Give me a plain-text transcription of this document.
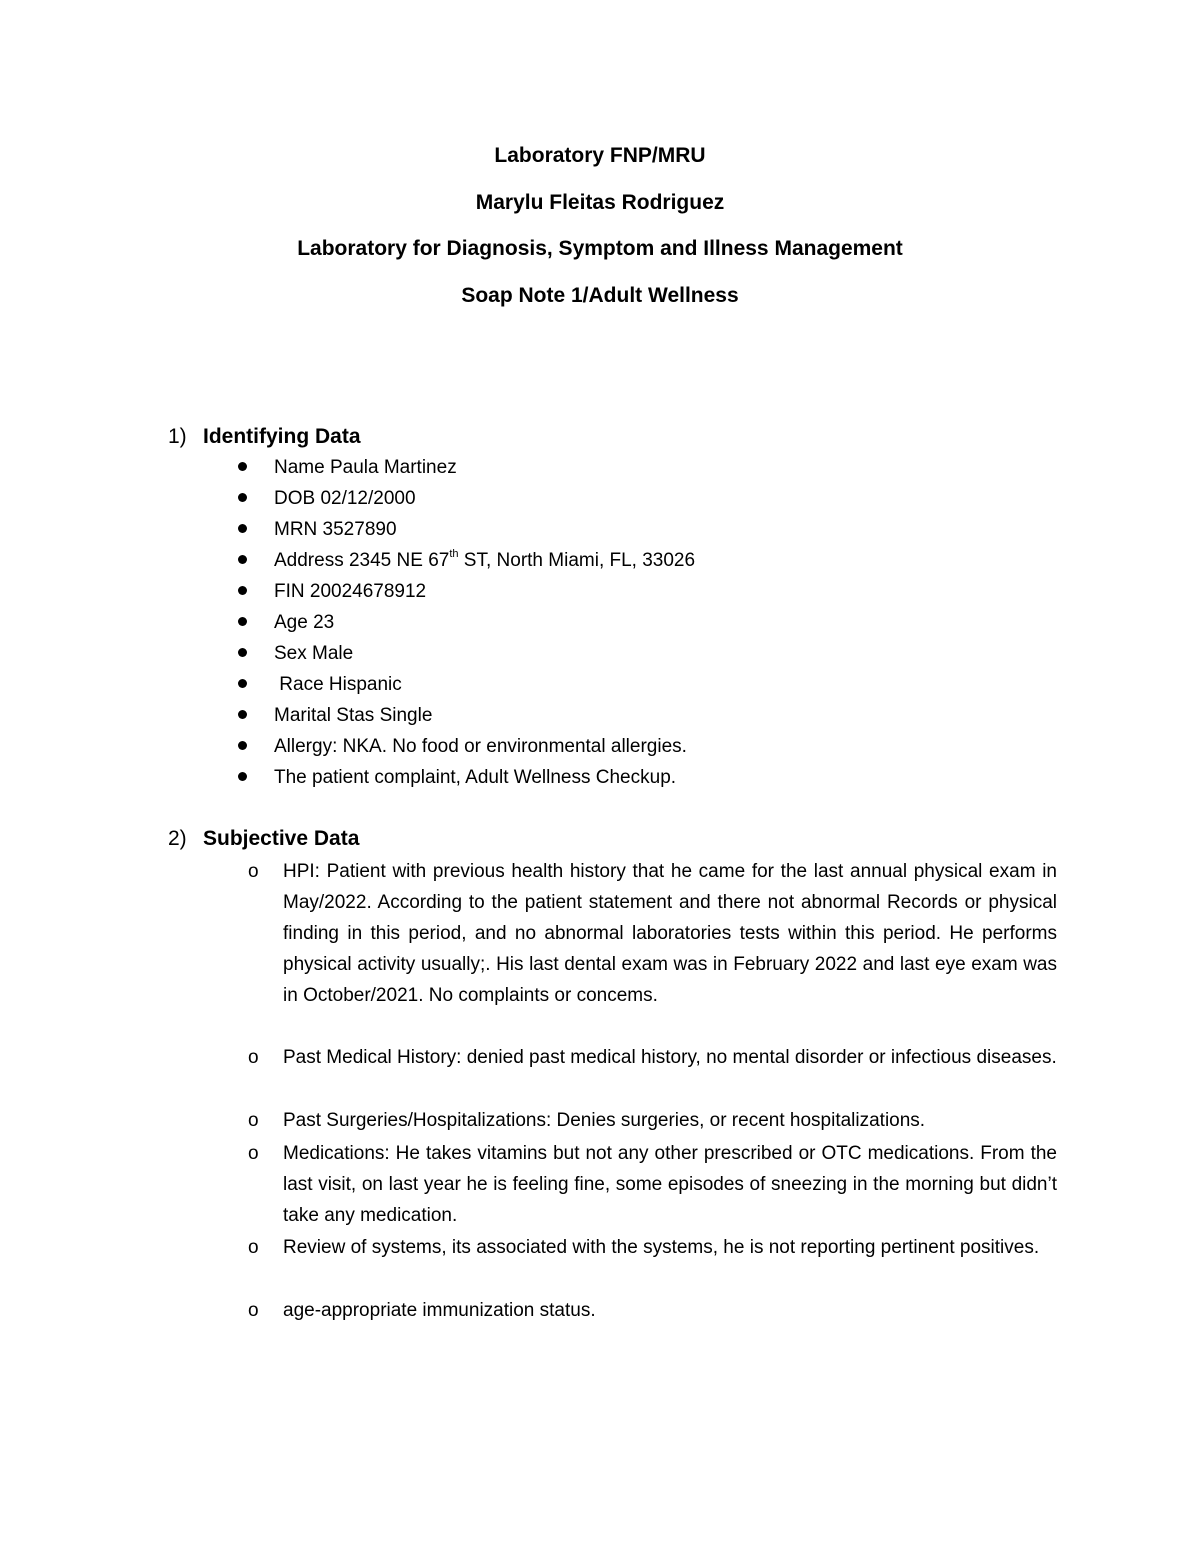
Laboratory FNP/MRU
Marylu Fleitas Rodriguez
Laboratory for Diagnosis, Symptom and Illness Management
Soap Note 1/Adult Wellness
1) Identifying Data
Name Paula Martinez
DOB 02/12/2000
MRN 3527890
Address 2345 NE 67th ST, North Miami, FL, 33026
FIN 20024678912
Age 23
Sex Male
Race Hispanic
Marital Stas Single
Allergy: NKA. No food or environmental allergies.
The patient complaint, Adult Wellness Checkup.
2) Subjective Data
o HPI: Patient with previous health history that he came for the last annual physical exam in May/2022. According to the patient statement and there not abnormal Records or physical finding in this period, and no abnormal laboratories tests within this period. He performs physical activity usually;. His last dental exam was in February 2022 and last eye exam was in October/2021. No complaints or concems.
o Past Medical History: denied past medical history, no mental disorder or infectious diseases.
o Past Surgeries/Hospitalizations: Denies surgeries, or recent hospitalizations.
o Medications: He takes vitamins but not any other prescribed or OTC medications. From the last visit, on last year he is feeling fine, some episodes of sneezing in the morning but didn’t take any medication.
o Review of systems, its associated with the systems, he is not reporting pertinent positives.
o age-appropriate immunization status.
